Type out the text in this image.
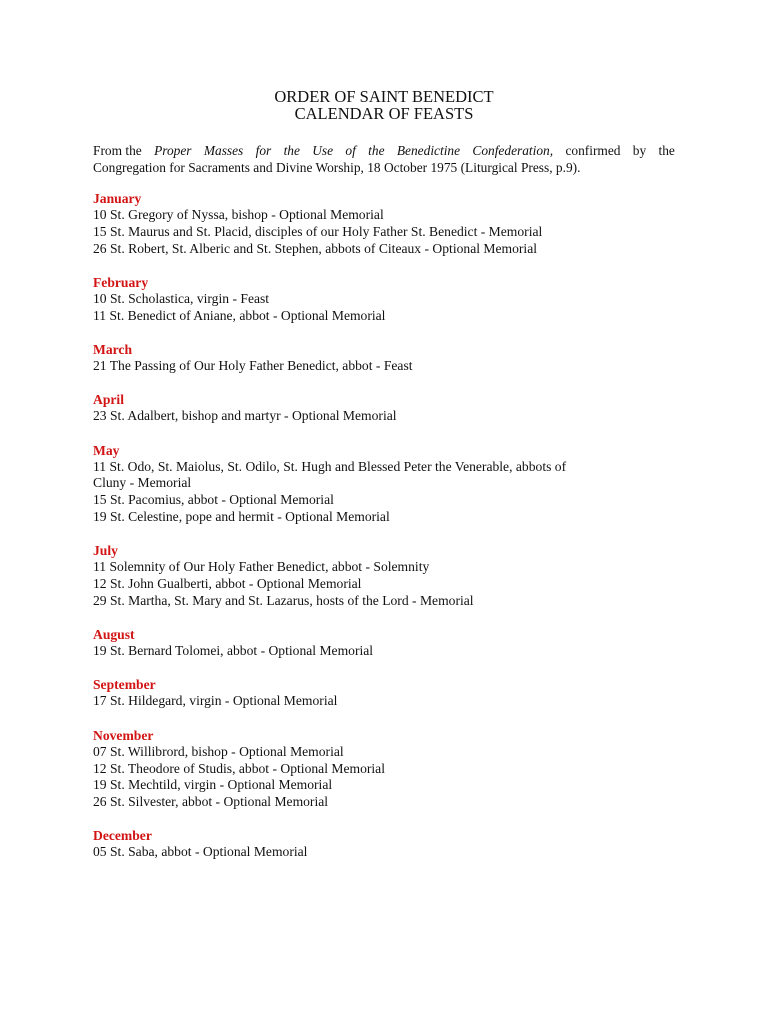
ORDER OF SAINT BENEDICT
CALENDAR OF FEASTS
From the Proper Masses for the Use of the Benedictine Confederation, confirmed by the
Congregation for Sacraments and Divine Worship, 18 October 1975 (Liturgical Press, p.9).
January
10 St. Gregory of Nyssa, bishop - Optional Memorial
15 St. Maurus and St. Placid, disciples of our Holy Father St. Benedict - Memorial
26 St. Robert, St. Alberic and St. Stephen, abbots of Citeaux - Optional Memorial
February
10 St. Scholastica, virgin - Feast
11 St. Benedict of Aniane, abbot - Optional Memorial
March
21 The Passing of Our Holy Father Benedict, abbot - Feast
April
23 St. Adalbert, bishop and martyr - Optional Memorial
May
11 St. Odo, St. Maiolus, St. Odilo, St. Hugh and Blessed Peter the Venerable, abbots of
Cluny - Memorial
15 St. Pacomius, abbot - Optional Memorial
19 St. Celestine, pope and hermit - Optional Memorial
July
11 Solemnity of Our Holy Father Benedict, abbot - Solemnity
12 St. John Gualberti, abbot - Optional Memorial
29 St. Martha, St. Mary and St. Lazarus, hosts of the Lord - Memorial
August
19 St. Bernard Tolomei, abbot - Optional Memorial
September
17 St. Hildegard, virgin - Optional Memorial
November
07 St. Willibrord, bishop - Optional Memorial
12 St. Theodore of Studis, abbot - Optional Memorial
19 St. Mechtild, virgin - Optional Memorial
26 St. Silvester, abbot - Optional Memorial
December
05 St. Saba, abbot - Optional Memorial
